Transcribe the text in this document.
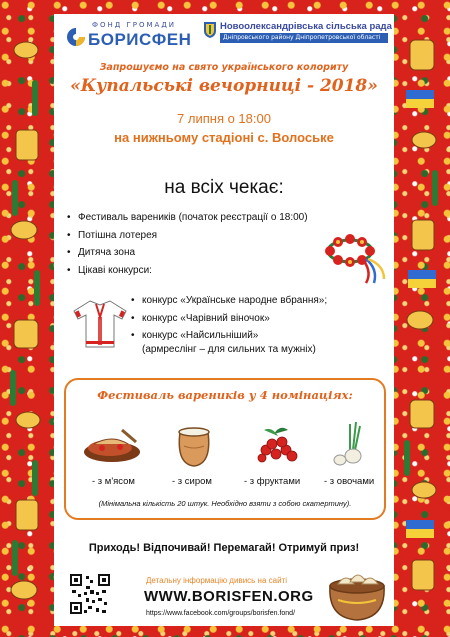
ФОНД ГРОМАДИ
БОРИСФЕН
Новоолександрівська сільська рада
Дніпровського району Дніпропетровської області
Запрошуємо на свято українського колориту
«Купальські вечорниці - 2018»
7 липня о 18:00
на нижньому стадіоні с. Волоське
на всіх чекає:
• Фестиваль вареників (початок реєстрації о 18:00)
• Потішна лотерея
• Дитяча зона
• Цікаві конкурси:
• конкурс «Українське народне вбрання»;
• конкурс «Чарівний віночок»
• конкурс «Найсильніший»
(армреслінг – для сильних та мужніх)
Фестиваль вареників у 4 номінаціях:
- з м'ясом	- з сиром	- з фруктами	- з овочами
(Мінімальна кількість 20 штук. Необхідно взяти з собою скатертину).
Приходь! Відпочивай! Перемагай! Отримуй приз!
Детальну інформацію дивись на сайті
WWW.BORISFEN.ORG
https://www.facebook.com/groups/borisfen.fond/
